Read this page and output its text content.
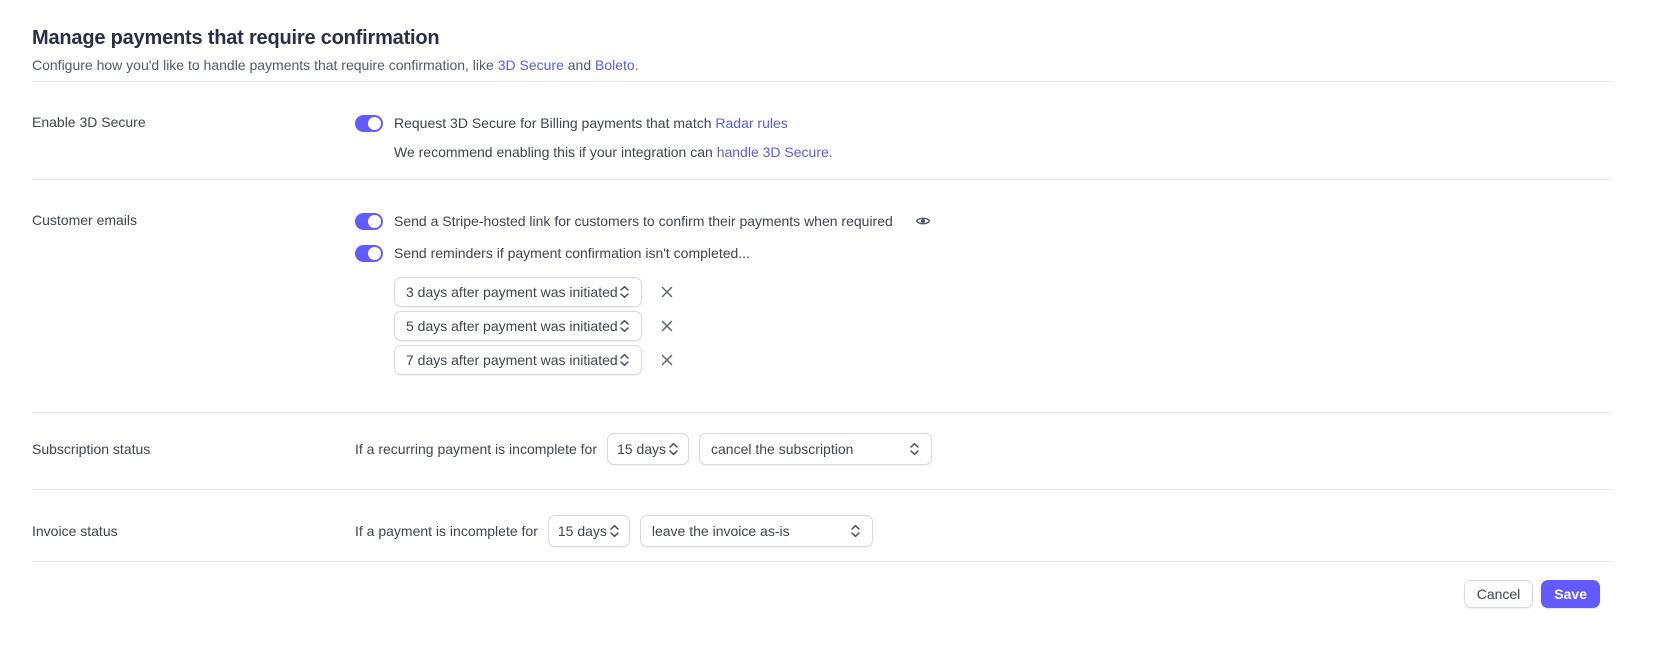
Manage payments that require confirmation
Configure how you'd like to handle payments that require confirmation, like 3D Secure and Boleto.
Enable 3D Secure	Request 3D Secure for Billing payments that match Radar rules
We recommend enabling this if your integration can handle 3D Secure.
Customer emails	Send a Stripe-hosted link for customers to confirm their payments when required
Send reminders if payment confirmation isn't completed...
3 days after payment was initiated
5 days after payment was initiated
7 days after payment was initiated
Subscription status	If a recurring payment is incomplete for 15 days	cancel the subscription
Invoice status	If a payment is incomplete for 15 days	leave the invoice as-is
Cancel	Save
